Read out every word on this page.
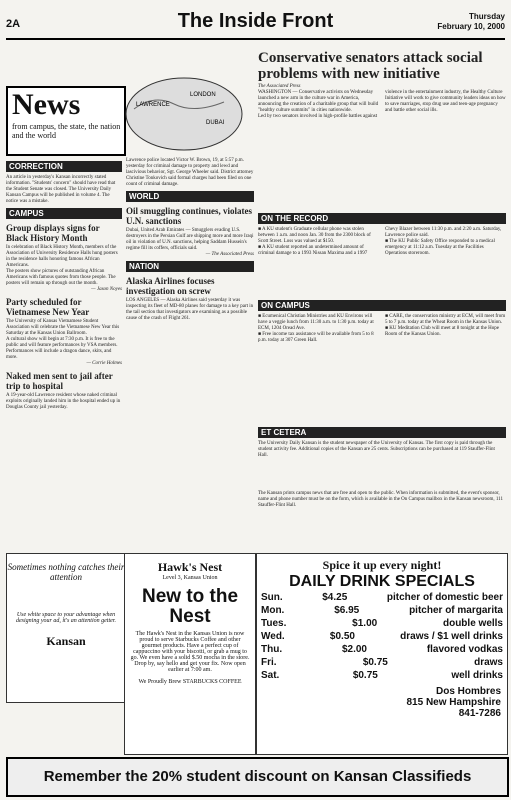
2A	The Inside Front	Thursday
February 10, 2000
News
from campus, the state, the nation and the world
LAWRENCE
LONDON
DUBAI
CORRECTION
An article in yesterday's Kansan incorrectly stated information. "Students' concern" should have read that the Student Senate was closed. The University Daily Kansan Campus will be published in volume 4. The notice was a mistake.
CAMPUS
Group displays signs for Black History Month
In celebration of Black History Month, members of the Association of University Residence Halls hung posters in the residence halls honoring famous African Americans.
The posters show pictures of outstanding African Americans with famous quotes from those people. The posters will remain up through out the month.
— Jason Noyes
Party scheduled for Vietnamese New Year
The University of Kansas Vietnamese Student Association will celebrate the Vietnamese New Year this Saturday at the Kansas Union Ballroom.
A cultural show will begin at 7:30 p.m. It is free to the public and will feature performances by VSA members. Performances will include a dragon dance, skits, and more.
— Corrie Holmes
Naked men sent to jail after trip to hospital
A 19-year-old Lawrence resident whose naked criminal exploits originally landed him in the hospital ended up in Douglas County jail yesterday.
Lawrence police located Victor W. Brown, 19, at 5:57 p.m. yesterday for criminal damage to property and lewd and lascivious behavior, Sgt. George Wheeler said. District attorney Christine Tonkovich said formal charges had been filed on one count of criminal damage.
WORLD
Oil smuggling continues, violates U.N. sanctions
Dubai, United Arab Emirates — Smugglers evading U.S. destroyers in the Persian Gulf are shipping more and more Iraqi oil in violation of U.N. sanctions, helping Saddam Hussein's regime fill its coffers, officials said.
— The Associated Press
NATION
Alaska Airlines focuses investigation on screw
LOS ANGELES — Alaska Airlines said yesterday it was inspecting its fleet of MD-80 planes for damage to a key part in the tail section that investigators are examining as a possible cause of the crash of Flight 261.
Conservative senators attack social problems with new initiative
The Associated Press
WASHINGTON — Conservative activists on Wednesday launched a new arm in the culture war in America, announcing the creation of a charitable group that will build "healthy culture summits" in cities nationwide.
Led by two senators involved in high-profile battles against violence in the entertainment industry, the Healthy Culture Initiative will work to give community leaders ideas on how to save marriages, stop drug use and teen-age pregnancy and battle other social ills.
ON THE RECORD
■ A KU student's Graduate cellular phone was stolen between 1 a.m. and noon Jan. 30 from the 2300 block of Scott Street. Loss was valued at $150.
■ A KU student reported an undetermined amount of criminal damage to a 1993 Nissan Maxima and a 1997 Chevy Blazer between 11:30 p.m. and 2:20 a.m. Saturday, Lawrence police said.
■ The KU Public Safety Office responded to a medical emergency at 11:12 a.m. Tuesday at the Facilities Operations storeroom.
ON CAMPUS
■ Ecumenical Christian Ministries and KU Environs will have a veggie lunch from 11:30 a.m. to 1:30 p.m. today at ECM, 1204 Oread Ave.
■ Free income tax assistance will be available from 5 to 8 p.m. today at 307 Green Hall.
■ CARE, the conservation ministry at ECM, will meet from 5 to 7 p.m. today at the Wheat Room in the Kansas Union.
■ KU Meditation Club will meet at 8 tonight at the Hope Room of the Kansas Union.
ET CETERA
The University Daily Kansan is the student newspaper of the University of Kansas. The first copy is paid through the student activity fee. Additional copies of the Kansan are 25 cents. Subscriptions can be purchased at 119 Stauffer-Flint Hall.
The Kansan prints campus news that are free and open to the public. When information is submitted, the event's sponsor, name and phone number must be on the form, which is available in the On Campus mailbox in the Kansan newsroom, 111 Stauffer-Flint Hall.
Sometimes nothing catches their attention
Use white space to your advantage when designing your ad, it's an attention getter.
Kansan
Hawk's Nest
Level 3, Kansas Union
New to the Nest
The Hawk's Nest in the Kansas Union is now proud to serve Starbucks Coffee and other gourmet products. Have a perfect cup of cappuccino with your biscotti, or grab a mug to go. We even have a solid $.50 mocha in the store. Drop by, say hello and get your fix. Now open earlier at 7:00 am.
We Proudly Brew STARBUCKS COFFEE
Spice it up every night!
DAILY DRINK SPECIALS
Sun.	$4.25	pitcher of domestic beer
Mon.	$6.95	pitcher of margarita
Tues.	$1.00	double wells
Wed.	$0.50	draws / $1 well drinks
Thu.	$2.00	flavored vodkas
Fri.	$0.75	draws
Sat.	$0.75	well drinks
Dos Hombres
815 New Hampshire
841-7286
Remember the 20% student discount on Kansan Classifieds
